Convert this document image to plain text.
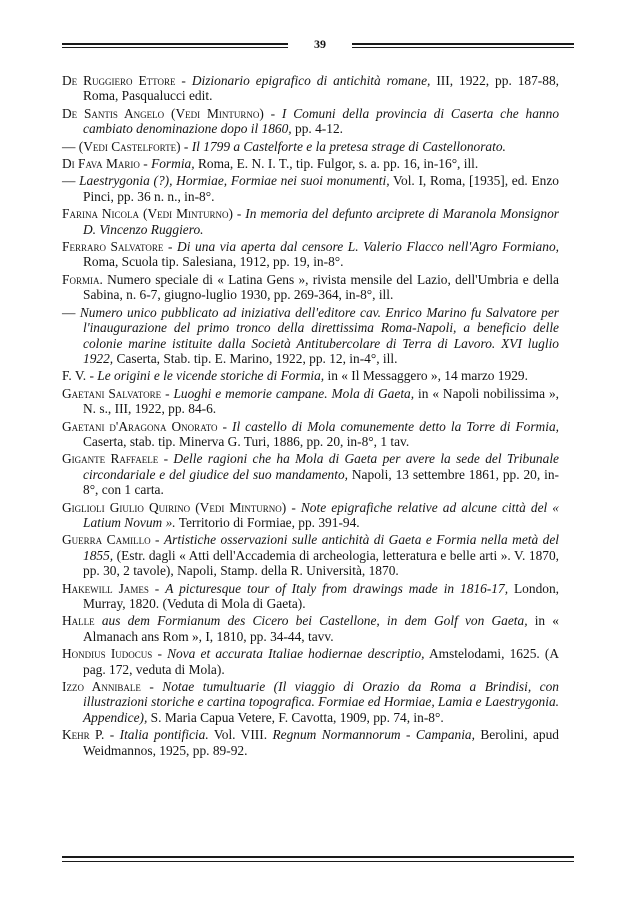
39

De Ruggiero Ettore - Dizionario epigrafico di antichità romane, III, 1922, pp. 187-88, Roma, Pasqualucci edit.

De Santis Angelo (Vedi Minturno) - I Comuni della provincia di Caserta che hanno cambiato denominazione dopo il 1860, pp. 4-12.

— (Vedi Castelforte) - Il 1799 a Castelforte e la pretesa strage di Castellonorato.

Di Fava Mario - Formia, Roma, E. N. I. T., tip. Fulgor, s. a. pp. 16, in-16°, ill.

— Laestrygonia (?), Hormiae, Formiae nei suoi monumenti, Vol. I, Roma, [1935], ed. Enzo Pinci, pp. 36 n. n., in-8°.

Farina Nicola (Vedi Minturno) - In memoria del defunto arciprete di Maranola Monsignor D. Vincenzo Ruggiero.

Ferraro Salvatore - Di una via aperta dal censore L. Valerio Flacco nell'Agro Formiano, Roma, Scuola tip. Salesiana, 1912, pp. 19, in-8°.

Formia. Numero speciale di « Latina Gens », rivista mensile del Lazio, dell'Umbria e della Sabina, n. 6-7, giugno-luglio 1930, pp. 269-364, in-8°, ill.

— Numero unico pubblicato ad iniziativa dell'editore cav. Enrico Marino fu Salvatore per l'inaugurazione del primo tronco della direttissima Roma-Napoli, a beneficio delle colonie marine istituite dalla Società Antitubercolare di Terra di Lavoro. XVI luglio 1922, Caserta, Stab. tip. E. Marino, 1922, pp. 12, in-4°, ill.

F. V. - Le origini e le vicende storiche di Formia, in « Il Messaggero », 14 marzo 1929.

Gaetani Salvatore - Luoghi e memorie campane. Mola di Gaeta, in « Napoli nobilissima », N. s., III, 1922, pp. 84-6.

Gaetani d'Aragona Onorato - Il castello di Mola comunemente detto la Torre di Formia, Caserta, stab. tip. Minerva G. Turi, 1886, pp. 20, in-8°, 1 tav.

Gigante Raffaele - Delle ragioni che ha Mola di Gaeta per avere la sede del Tribunale circondariale e del giudice del suo mandamento, Napoli, 13 settembre 1861, pp. 20, in-8°, con 1 carta.

Giglioli Giulio Quirino (Vedi Minturno) - Note epigrafiche relative ad alcune città del « Latium Novum ». Territorio di Formiae, pp. 391-94.

Guerra Camillo - Artistiche osservazioni sulle antichità di Gaeta e Formia nella metà del 1855, (Estr. dagli « Atti dell'Accademia di archeologia, letteratura e belle arti ». V. 1870, pp. 30, 2 tavole), Napoli, Stamp. della R. Università, 1870.

Hakewill James - A picturesque tour of Italy from drawings made in 1816-17, London, Murray, 1820. (Veduta di Mola di Gaeta).

Halle aus dem Formianum des Cicero bei Castellone, in dem Golf von Gaeta, in « Almanach ans Rom », I, 1810, pp. 34-44, tavv.

Hondius Iudocus - Nova et accurata Italiae hodiernae descriptio, Amstelodami, 1625. (A pag. 172, veduta di Mola).

Izzo Annibale - Notae tumultuarie (Il viaggio di Orazio da Roma a Brindisi, con illustrazioni storiche e cartina topografica. Formiae ed Hormiae, Lamia e Laestrygonia. Appendice), S. Maria Capua Vetere, F. Cavotta, 1909, pp. 74, in-8°.

Kehr P. - Italia pontificia. Vol. VIII. Regnum Normannorum - Campania, Berolini, apud Weidmannos, 1925, pp. 89-92.
